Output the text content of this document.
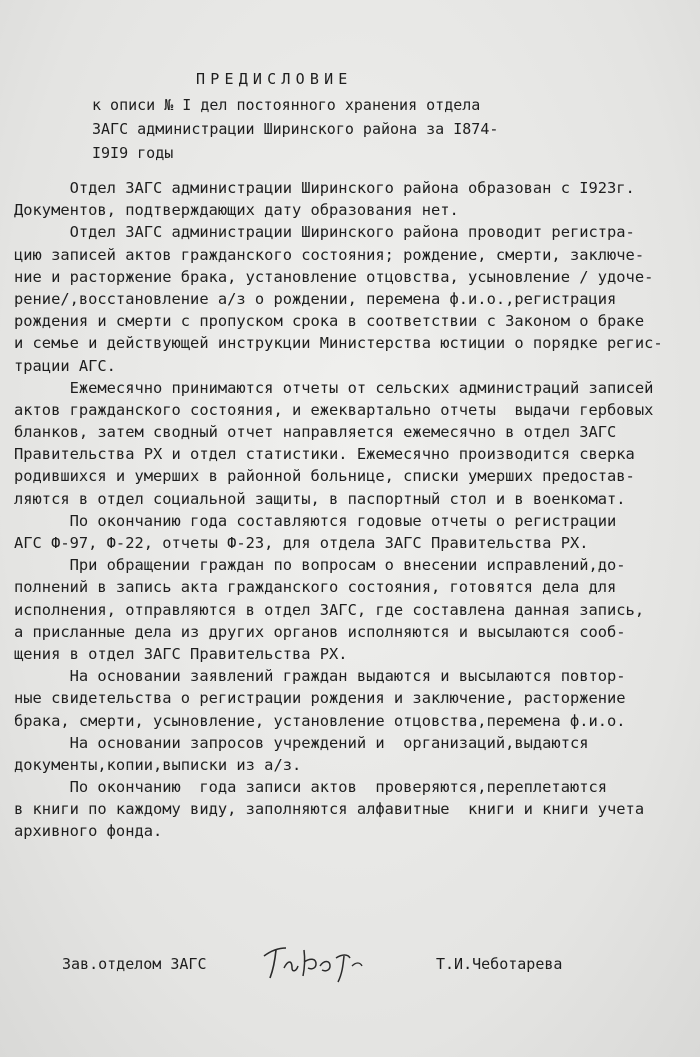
ПРЕДИСЛОВИЕ
к описи № I дел постоянного хранения отдела
ЗАГС администрации Ширинского района за I874-
I9I9 годы

Отдел ЗАГС администрации Ширинского района образован с I923г.
Документов, подтверждающих дату образования нет.

Отдел ЗАГС администрации Ширинского района проводит регистра-
цию записей актов гражданского состояния; рождение, смерти, заключе-
ние и расторжение брака, установление отцовства, усыновление / удоче-
рение/,восстановление а/з о рождении, перемена ф.и.о.,регистрация
рождения и смерти с пропуском срока в соответствии с Законом о браке
и семье и действующей инструкции Министерства юстиции о порядке регис-
трации АГС.

Ежемесячно принимаются отчеты от сельских администраций записей
актов гражданского состояния, и ежеквартально отчеты  выдачи гербовых
бланков, затем сводный отчет направляется ежемесячно в отдел ЗАГС
Правительства РХ и отдел статистики. Ежемесячно производится сверка
родившихся и умерших в районной больнице, списки умерших предостав-
ляются в отдел социальной защиты, в паспортный стол и в военкомат.

По окончанию года составляются годовые отчеты о регистрации
АГС Ф-97, Ф-22, отчеты Ф-23, для отдела ЗАГС Правительства РХ.

При обращении граждан по вопросам о внесении исправлений,до-
полнений в запись акта гражданского состояния, готовятся дела для
исполнения, отправляются в отдел ЗАГС, где составлена данная запись,
а присланные дела из других органов исполняются и высылаются сооб-
щения в отдел ЗАГС Правительства РХ.

На основании заявлений граждан выдаются и высылаются повтор-
ные свидетельства о регистрации рождения и заключение, расторжение
брака, смерти, усыновление, установление отцовства,перемена ф.и.о.

На основании запросов учреждений и  организаций,выдаются
документы,копии,выписки из а/з.

По окончанию  года записи актов  проверяются,переплетаются
в книги по каждому виду, заполняются алфавитные  книги и книги учета
архивного фонда.

Зав.отделом ЗАГС	Т.И.Чеботарева
